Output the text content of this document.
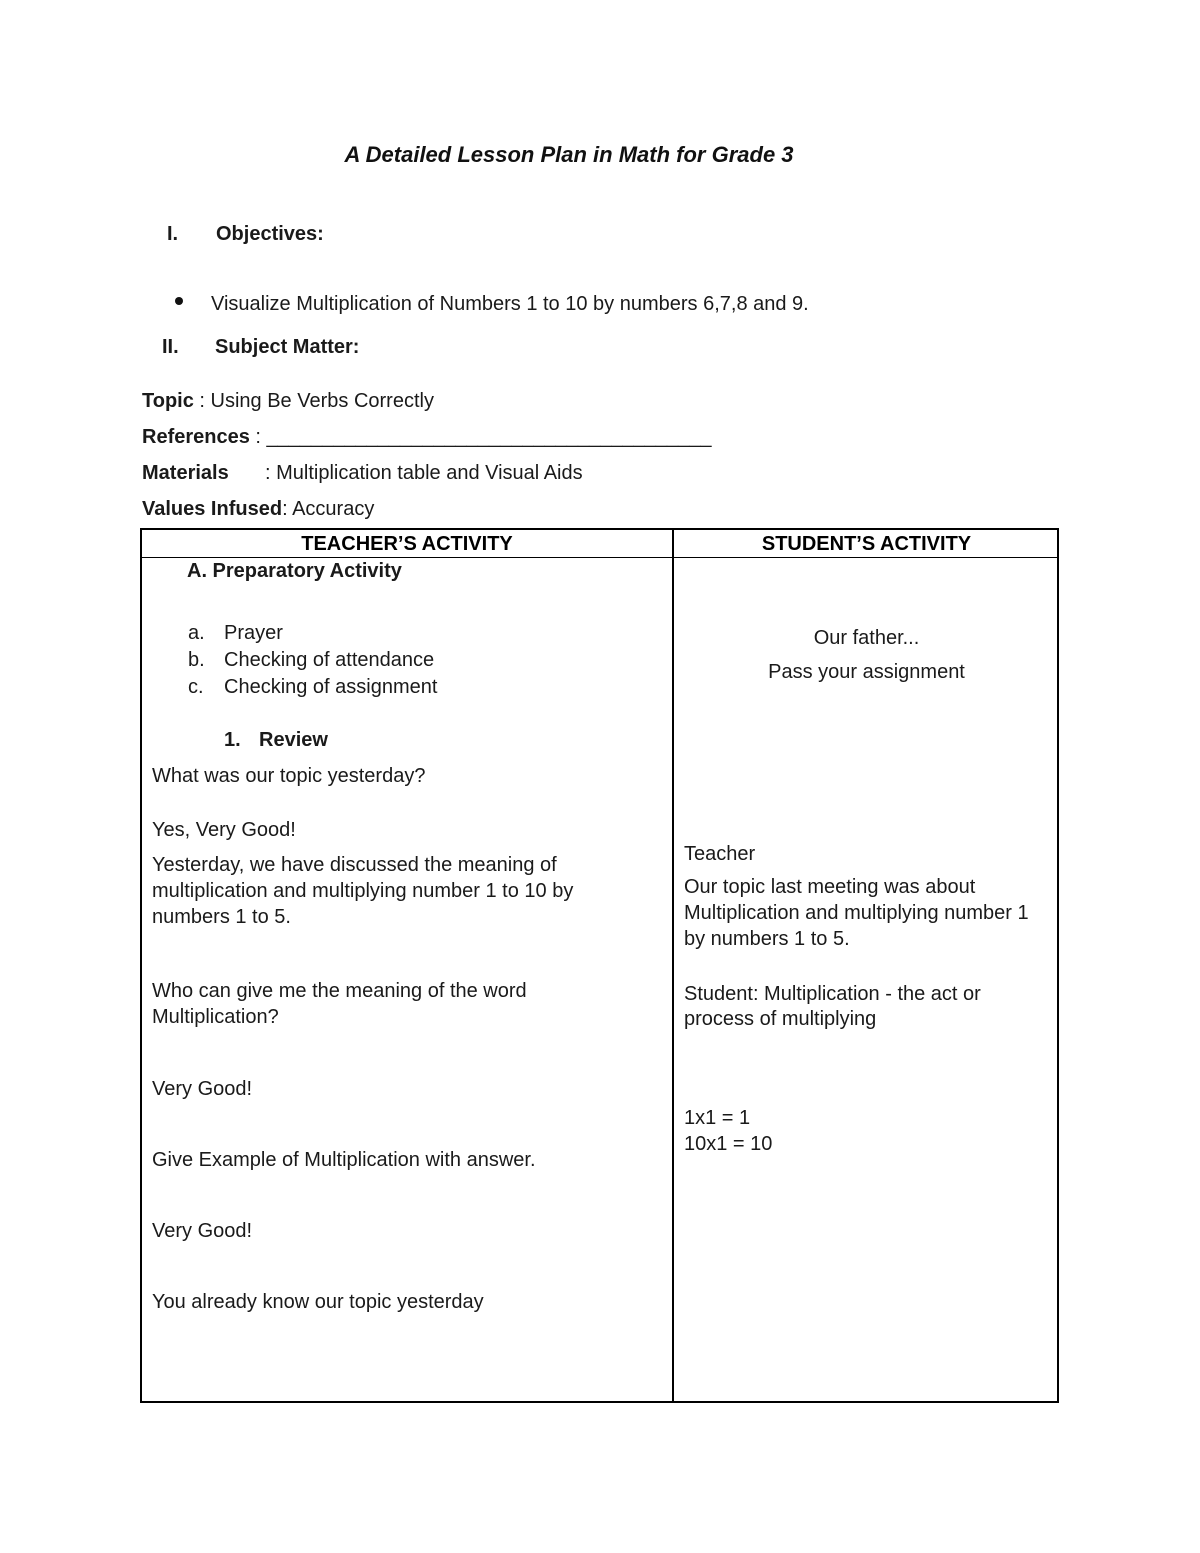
A Detailed Lesson Plan in Math for Grade 3
I. Objectives:
Visualize Multiplication of Numbers 1 to 10 by numbers 6,7,8 and 9.
II. Subject Matter:
Topic : Using Be Verbs Correctly
References : ________________________________________
Materials : Multiplication table and Visual Aids
Values Infused: Accuracy
TEACHER’S ACTIVITY	STUDENT’S ACTIVITY
A. Preparatory Activity
a. Prayer
b. Checking of attendance
c. Checking of assignment
1. Review
What was our topic yesterday?
Yes, Very Good!
Yesterday, we have discussed the meaning of multiplication and multiplying number 1 to 10 by numbers 1 to 5.
Who can give me the meaning of the word Multiplication?
Very Good!
Give Example of Multiplication with answer.
Very Good!
You already know our topic yesterday
Our father...
Pass your assignment
Teacher
Our topic last meeting was about Multiplication and multiplying number 1 by numbers 1 to 5.
Student: Multiplication - the act or process of multiplying
1x1 = 1
10x1 = 10
